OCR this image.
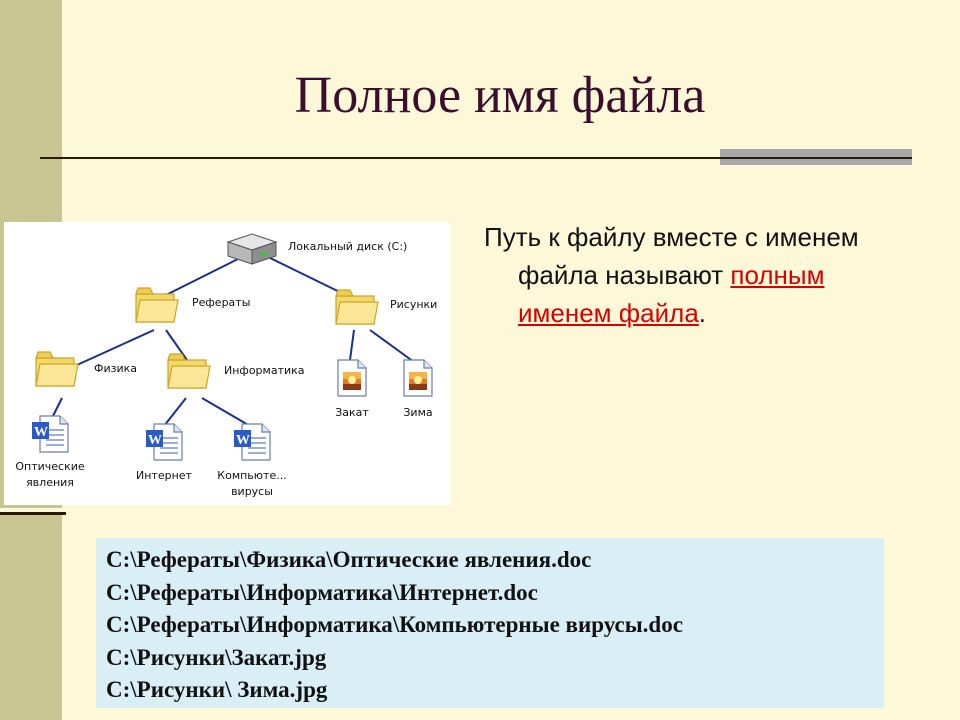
Полное имя файла
Путь к файлу вместе с именем
файла называют полным
именем файла.
W
Локальный диск (С:)
Рефераты	Рисунки
Физика	Информатика
Оптические
явления
Интернет Компьюте...
вирусы
Закат	Зима
C:\Рефераты\Физика\Оптические явления.doc
C:\Рефераты\Информатика\Интернет.doc
C:\Рефераты\Информатика\Компьютерные вирусы.doc
C:\Рисунки\Закат.jpg
C:\Рисунки\ Зима.jpg
